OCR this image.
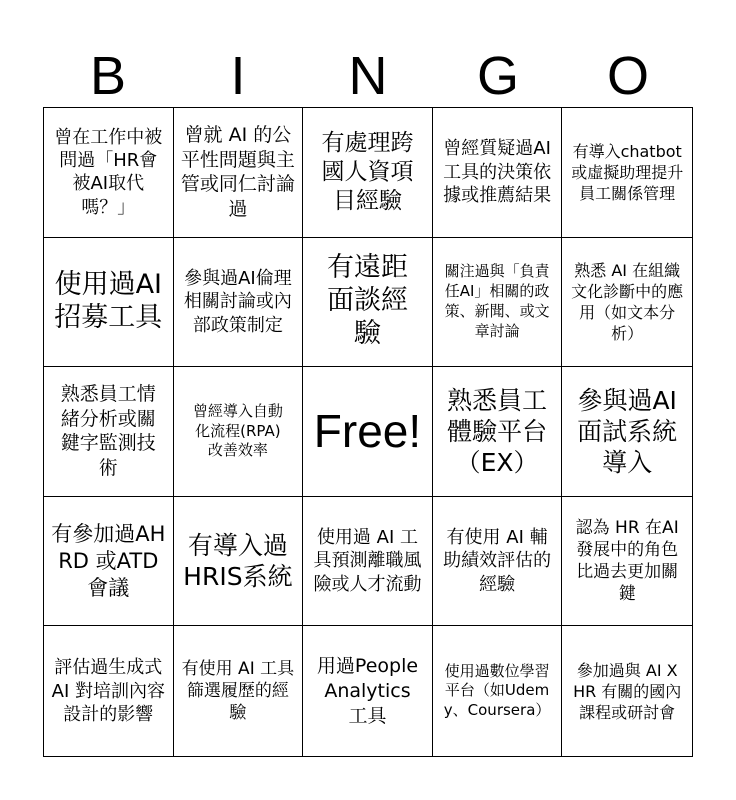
B	I	N	G	O
曾在工作中被問過「HR會被AI取代嗎？」
曾就 AI 的公平性問題與主管或同仁討論過
有處理跨國人資項目經驗
曾經質疑過AI 工具的決策依據或推薦結果
有導入chatbot 或虛擬助理提升員工關係管理
使用過AI 招募工具
參與過AI倫理相關討論或內部政策制定
有遠距面談經驗
關注過與「負責任AI」相關的政策、新聞、或文章討論
熟悉 AI 在組織文化診斷中的應用（如文本分析）
熟悉員工情緒分析或關鍵字監測技術
曾經導入自動化流程(RPA)改善效率 Free!
熟悉員工體驗平台（EX）
參與過AI 面試系統導入
有參加過AHRD 或ATD 會議
有導入過 HRIS系統
使用過 AI 工具預測離職風險或人才流動
有使用 AI 輔助績效評估的經驗
認為 HR 在AI 發展中的角色比過去更加關鍵
評估過生成式 AI 對培訓內容設計的影響
有使用 AI 工具篩選履歷的經驗
用過People Analytics工具
使用過數位學習平台（如Udemy、Coursera）
參加過與 AI X HR 有關的國內課程或研討會
